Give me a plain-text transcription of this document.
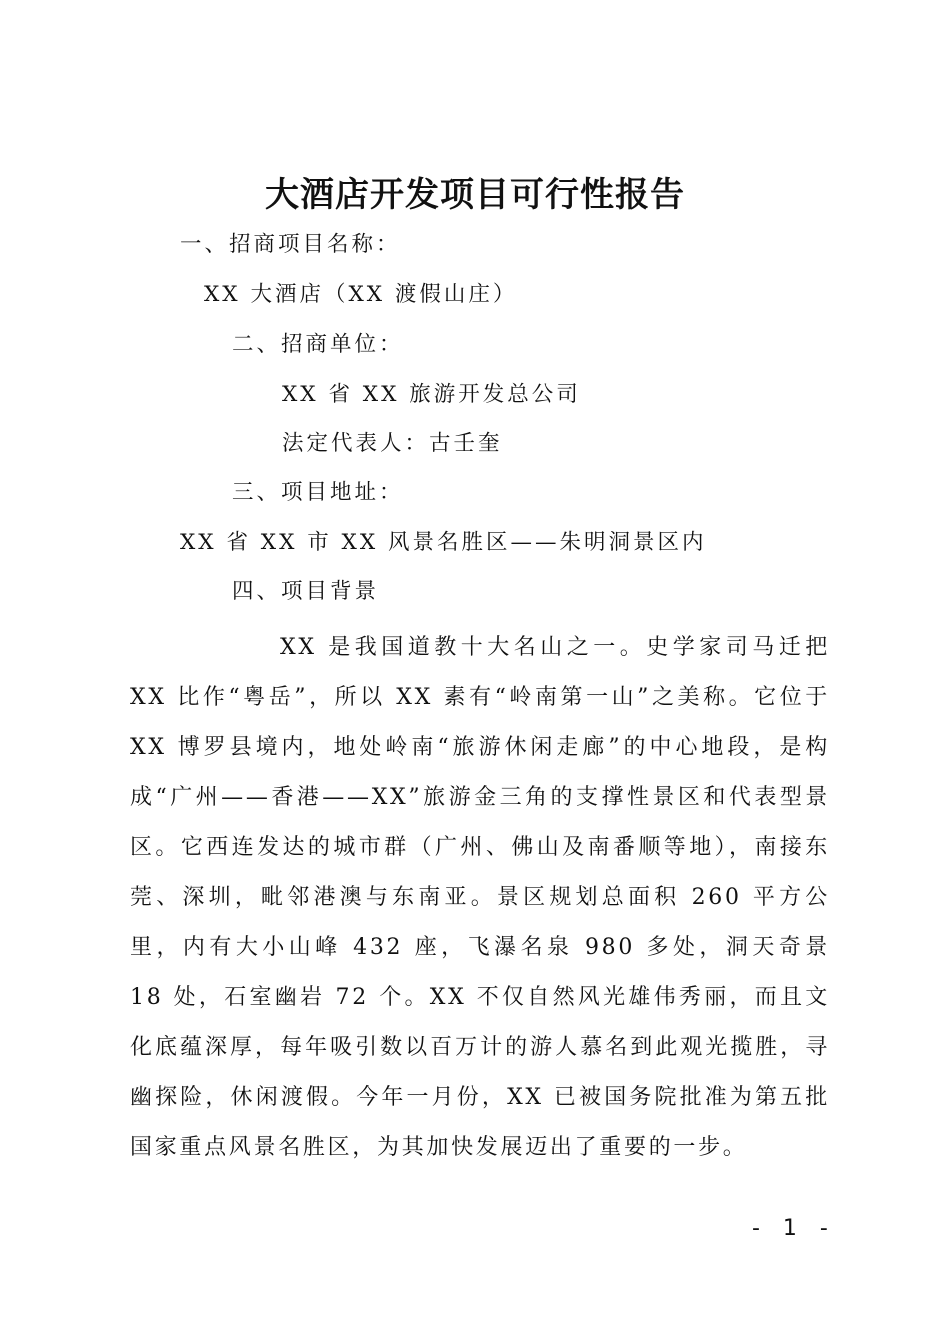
大酒店开发项目可行性报告

一、招商项目名称：

XX 大酒店（XX 渡假山庄）

二、招商单位：

XX 省 XX 旅游开发总公司

法定代表人：古壬奎

三、项目地址：

XX 省 XX 市 XX 风景名胜区——朱明洞景区内

四、项目背景

XX 是我国道教十大名山之一。史学家司马迁把 XX 比作“粤岳”，所以 XX 素有“岭南第一山”之美称。它位于 XX 博罗县境内，地处岭南“旅游休闲走廊”的中心地段，是构成“广州——香港——XX”旅游金三角的支撑性景区和代表型景区。它西连发达的城市群（广州、佛山及南番顺等地），南接东莞、深圳，毗邻港澳与东南亚。景区规划总面积 260 平方公里，内有大小山峰 432 座，飞瀑名泉 980 多处，洞天奇景 18 处，石室幽岩 72 个。XX 不仅自然风光雄伟秀丽，而且文化底蕴深厚，每年吸引数以百万计的游人慕名到此观光揽胜，寻幽探险，休闲渡假。今年一月份，XX 已被国务院批准为第五批国家重点风景名胜区，为其加快发展迈出了重要的一步。

- 1 -
